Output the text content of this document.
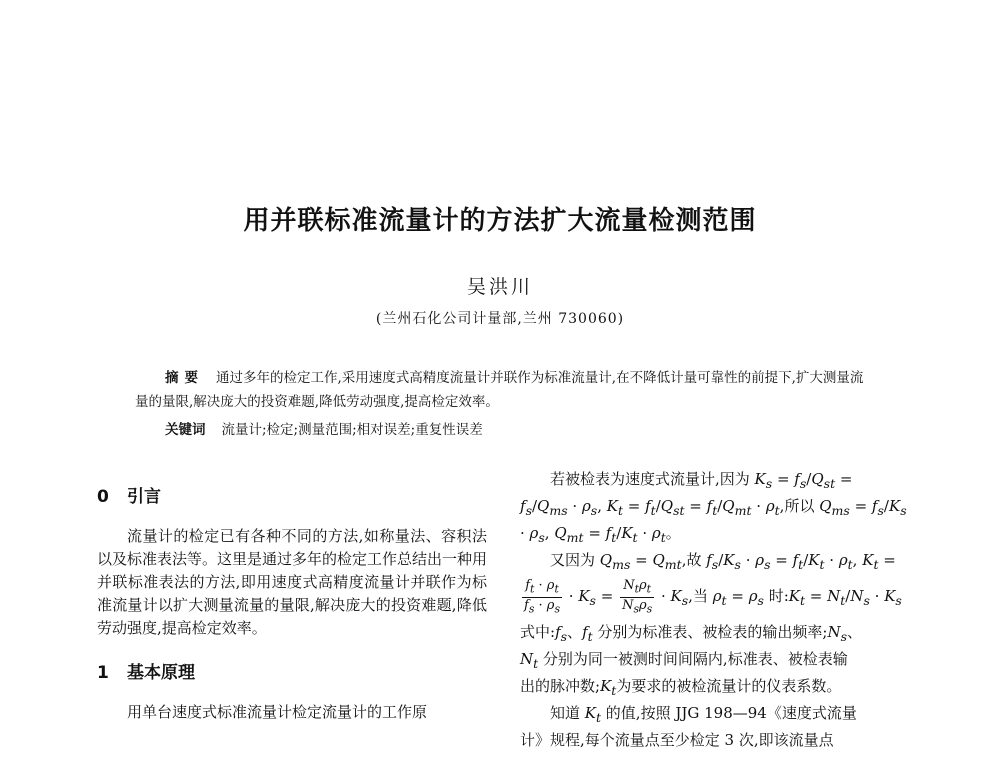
用并联标准流量计的方法扩大流量检测范围
吴洪川
(兰州石化公司计量部,兰州 730060)
摘要 通过多年的检定工作,采用速度式高精度流量计并联作为标准流量计,在不降低计量可靠性的前提下,扩大测量流量的量限,解决庞大的投资难题,降低劳动强度,提高检定效率。
关键词 流量计;检定;测量范围;相对误差;重复性误差
0 引言

流量计的检定已有各种不同的方法,如称量法、容积法以及标准表法等。这里是通过多年的检定工作总结出一种用并联标准表法的方法,即用速度式高精度流量计并联作为标准流量计以扩大测量流量的量限,解决庞大的投资难题,降低劳动强度,提高检定效率。

1 基本原理

用单台速度式标准流量计检定流量计的工作原

若被检表为速度式流量计,因为 $K_s = f_s/Q_{st}$ =
$f_s/Q_{ms} \cdot \rho_s$, $K_t = f_t/Q_{st} = f_t/Q_{mt} \cdot \rho_t$,所以 $Q_{ms} = f_s/K_s$
· $\rho_s$, $Q_{mt} = f_t/K_t \cdot \rho_t$。
又因为 $Q_{ms} = Q_{mt}$,故 $f_s/K_s \cdot \rho_s = f_t/K_t \cdot \rho_t$, $K_t$ =
$\frac{f_t \cdot \rho_t}{f_s \cdot \rho_s} \cdot K_s = \frac{N_t\rho_t}{N_s\rho_s} \cdot K_s$,当 $\rho_t = \rho_s$ 时$:K_t = N_t/N_s \cdot K_s$
式中$:f_s$、$f_t$ 分别为标准表、被检表的输出频率$;N_s$、
$N_t$ 分别为同一被测时间间隔内,标准表、被检表输
出的脉冲数$;K_t$为要求的被检流量计的仪表系数。
知道 $K_t$ 的值,按照 JJG 198—94《速度式流量
计》规程,每个流量点至少检定 3 次,即该流量点
